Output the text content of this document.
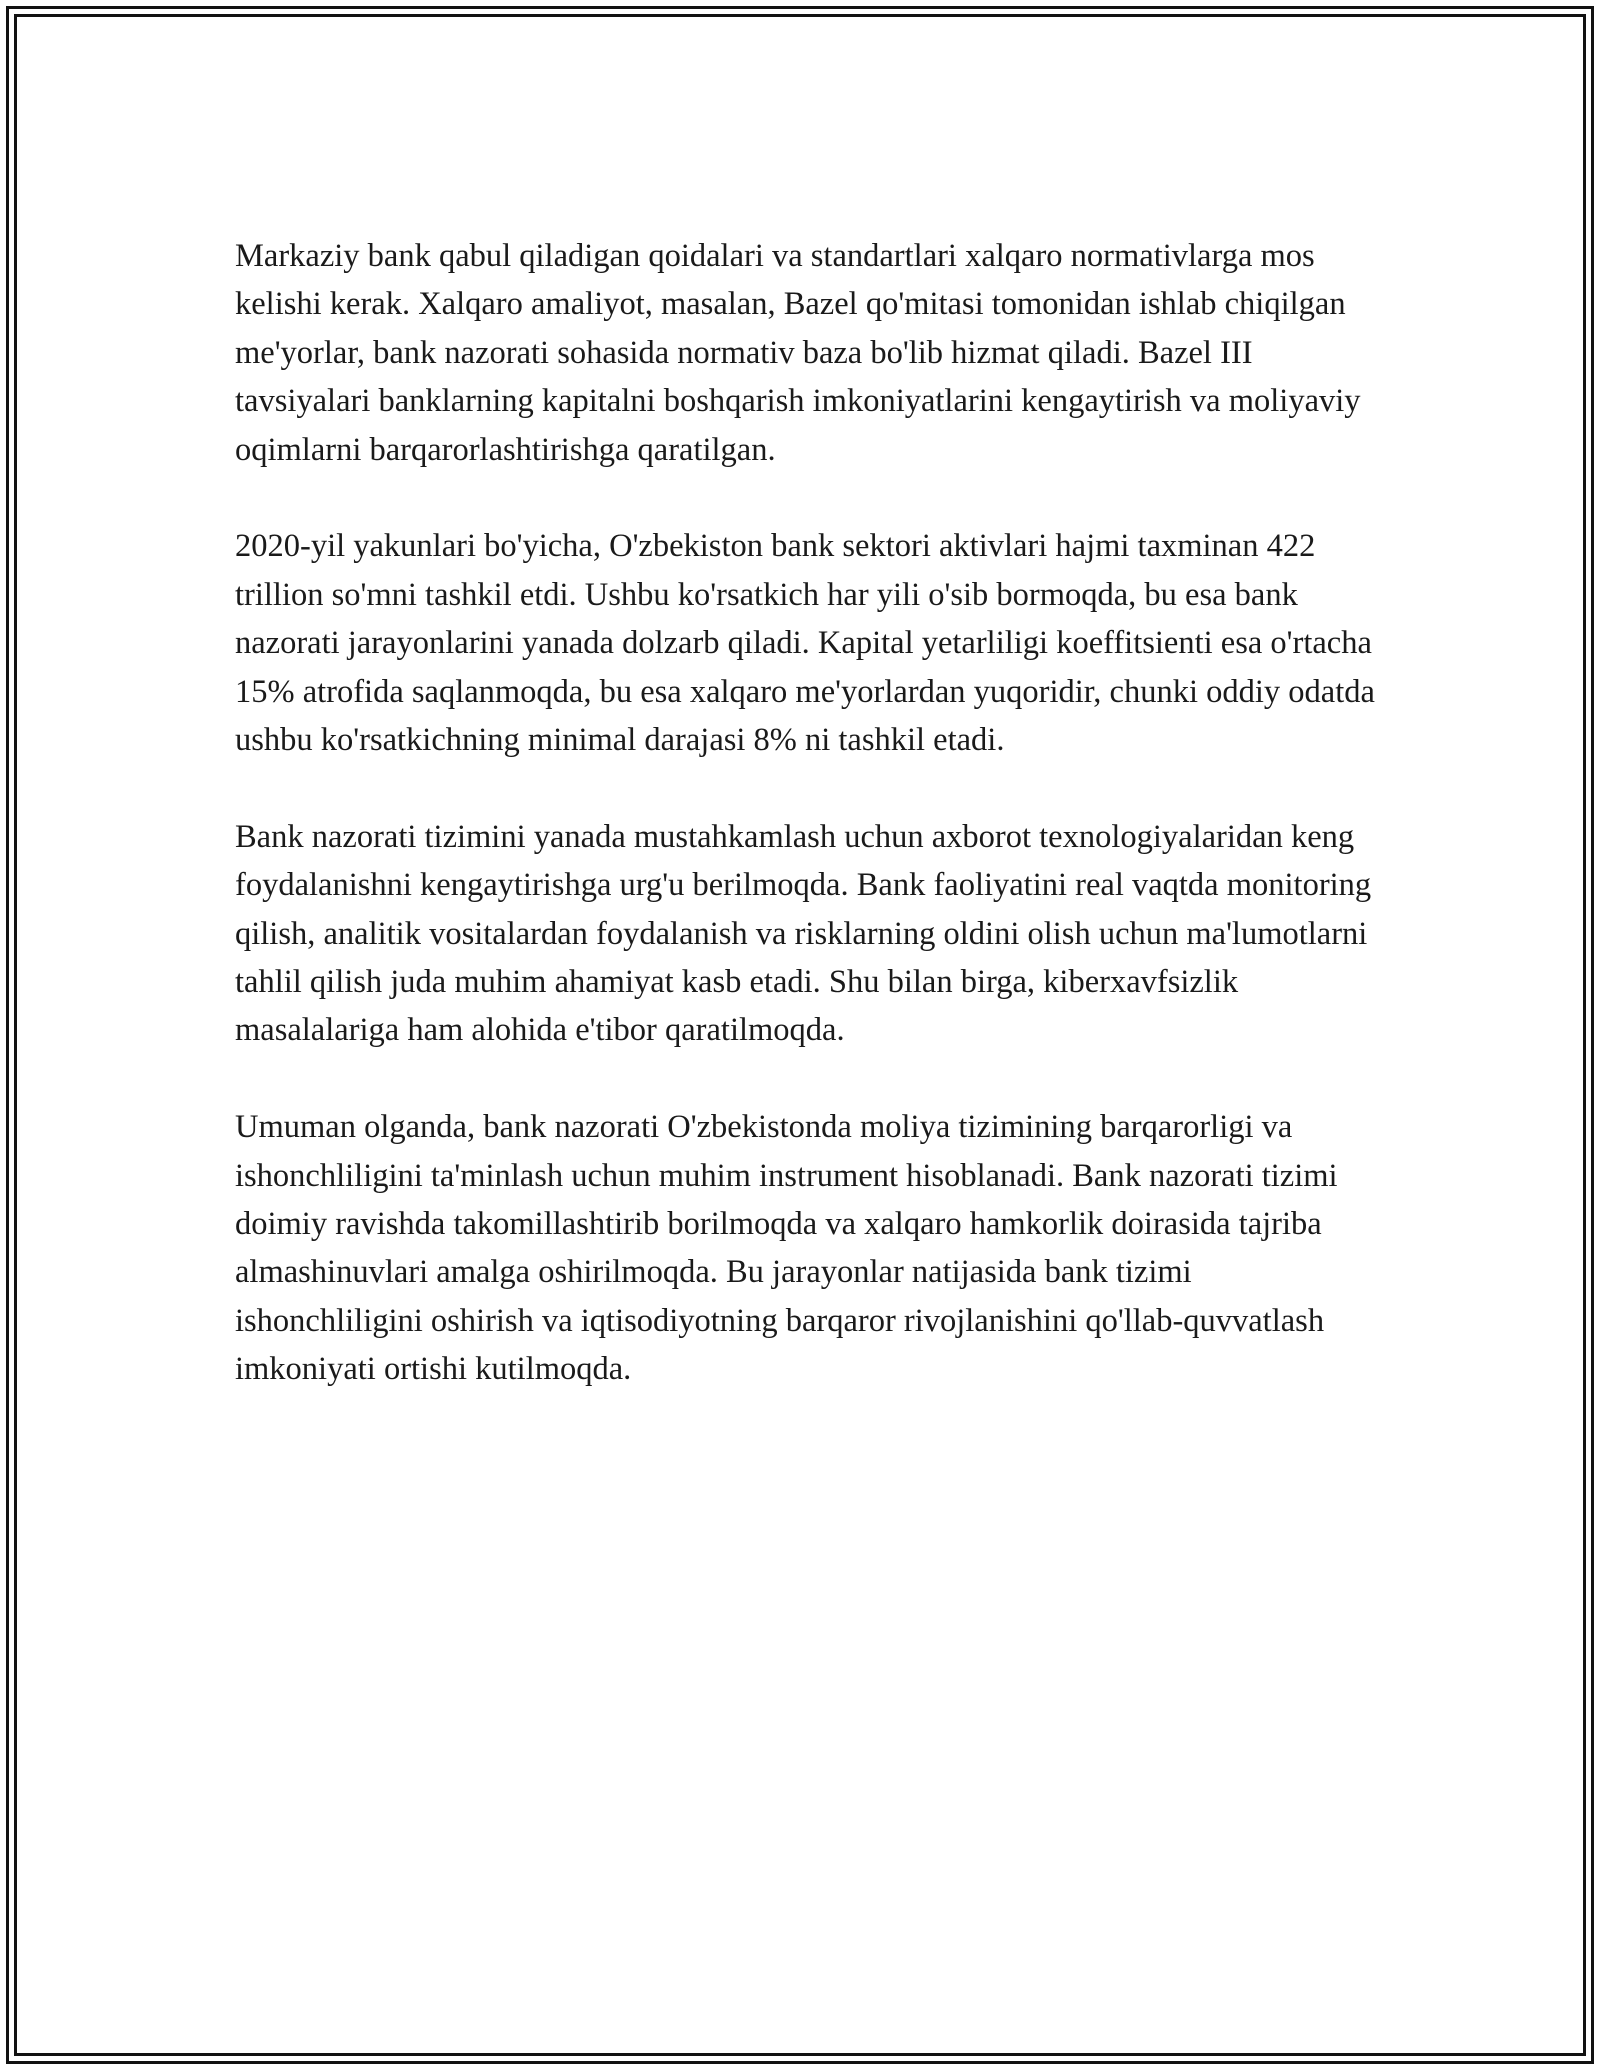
Markaziy bank qabul qiladigan qoidalari va standartlari xalqaro normativlarga mos kelishi kerak. Xalqaro amaliyot, masalan, Bazel qo'mitasi tomonidan ishlab chiqilgan me'yorlar, bank nazorati sohasida normativ baza bo'lib hizmat qiladi. Bazel III tavsiyalari banklarning kapitalni boshqarish imkoniyatlarini kengaytirish va moliyaviy oqimlarni barqarorlashtirishga qaratilgan.

2020-yil yakunlari bo'yicha, O'zbekiston bank sektori aktivlari hajmi taxminan 422 trillion so'mni tashkil etdi. Ushbu ko'rsatkich har yili o'sib bormoqda, bu esa bank nazorati jarayonlarini yanada dolzarb qiladi. Kapital yetarliligi koeffitsienti esa o'rtacha 15% atrofida saqlanmoqda, bu esa xalqaro me'yorlardan yuqoridir, chunki oddiy odatda ushbu ko'rsatkichning minimal darajasi 8% ni tashkil etadi.

Bank nazorati tizimini yanada mustahkamlash uchun axborot texnologiyalaridan keng foydalanishni kengaytirishga urg'u berilmoqda. Bank faoliyatini real vaqtda monitoring qilish, analitik vositalardan foydalanish va risklarning oldini olish uchun ma'lumotlarni tahlil qilish juda muhim ahamiyat kasb etadi. Shu bilan birga, kiberxavfsizlik masalalariga ham alohida e'tibor qaratilmoqda.

Umuman olganda, bank nazorati O'zbekistonda moliya tizimining barqarorligi va ishonchliligini ta'minlash uchun muhim instrument hisoblanadi. Bank nazorati tizimi doimiy ravishda takomillashtirib borilmoqda va xalqaro hamkorlik doirasida tajriba almashinuvlari amalga oshirilmoqda. Bu jarayonlar natijasida bank tizimi ishonchliligini oshirish va iqtisodiyotning barqaror rivojlanishini qo'llab-quvvatlash imkoniyati ortishi kutilmoqda.
